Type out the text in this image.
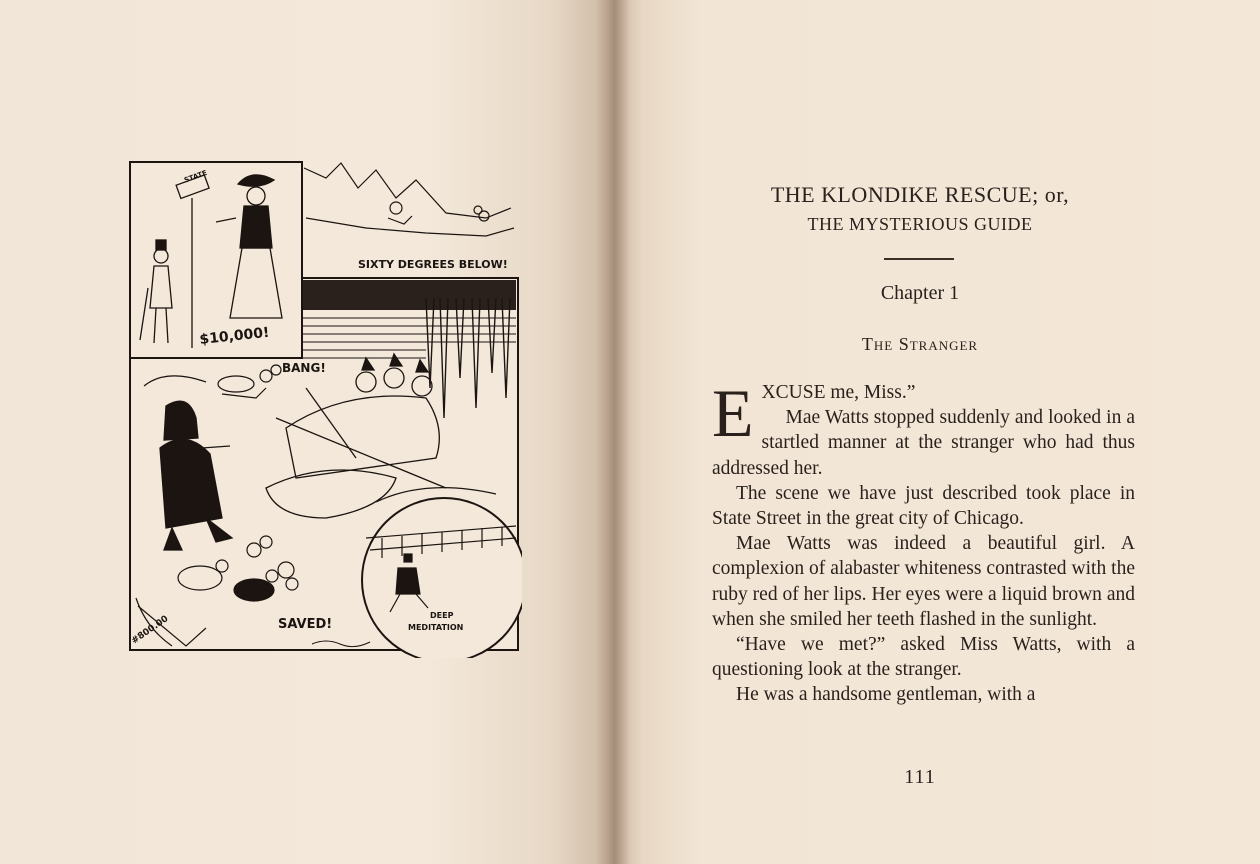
SIXTY DEGREES BELOW!
STATE
$10,000!
BANG!
#800.00	SAVED!
DEEP
MEDITATION
THE KLONDIKE RESCUE; or,
THE MYSTERIOUS GUIDE
Chapter 1
The Stranger

EXCUSE me, Miss.”

Mae Watts stopped suddenly and looked in a startled manner at the stranger who had thus addressed her.

The scene we have just described took place in State Street in the great city of Chicago.

Mae Watts was indeed a beautiful girl. A complexion of alabaster whiteness contrasted with the ruby red of her lips. Her eyes were a liquid brown and when she smiled her teeth flashed in the sunlight.

“Have we met?” asked Miss Watts, with a questioning look at the stranger.

He was a handsome gentleman, with a

111
